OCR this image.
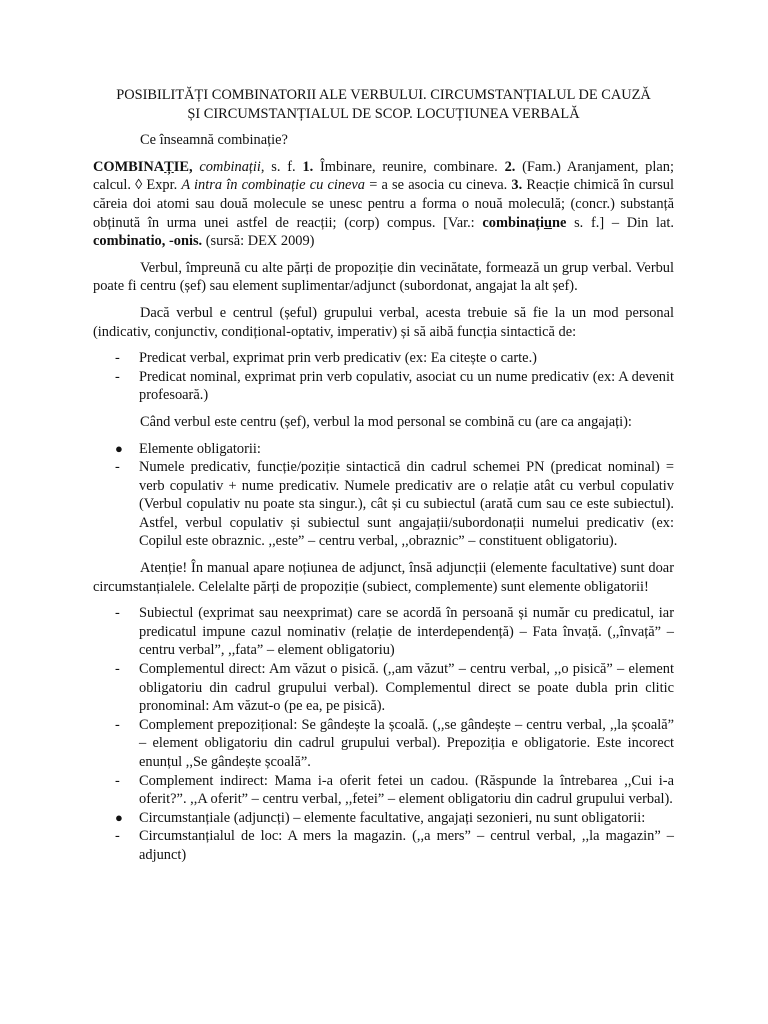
POSIBILITĂȚI COMBINATORII ALE VERBULUI. CIRCUMSTANȚIALUL DE CAUZĂ
ȘI CIRCUMSTANȚIALUL DE SCOP. LOCUȚIUNEA VERBALĂ

Ce înseamnă combinație?

COMBINAȚIE, combinații, s. f. 1. Îmbinare, reunire, combinare. 2. (Fam.) Aranjament, plan; calcul. ◊ Expr. A intra în combinație cu cineva = a se asocia cu cineva. 3. Reacție chimică în cursul căreia doi atomi sau două molecule se unesc pentru a forma o nouă moleculă; (concr.) substanță obținută în urma unei astfel de reacții; (corp) compus. [Var.: combinațiune s. f.] – Din lat. combinatio, -onis. (sursă: DEX 2009)

Verbul, împreună cu alte părți de propoziție din vecinătate, formează un grup verbal. Verbul poate fi centru (șef) sau element suplimentar/adjunct (subordonat, angajat la alt șef).

Dacă verbul e centrul (șeful) grupului verbal, acesta trebuie să fie la un mod personal (indicativ, conjunctiv, condițional-optativ, imperativ) și să aibă funcția sintactică de:

- Predicat verbal, exprimat prin verb predicativ (ex: Ea citește o carte.)
- Predicat nominal, exprimat prin verb copulativ, asociat cu un nume predicativ (ex: A devenit profesoară.)

Când verbul este centru (șef), verbul la mod personal se combină cu (are ca angajați):

● Elemente obligatorii:
- Numele predicativ, funcție/poziție sintactică din cadrul schemei PN (predicat nominal) = verb copulativ + nume predicativ. Numele predicativ are o relație atât cu verbul copulativ (Verbul copulativ nu poate sta singur.), cât și cu subiectul (arată cum sau ce este subiectul). Astfel, verbul copulativ și subiectul sunt angajații/subordonații numelui predicativ (ex: Copilul este obraznic. ,,este” – centru verbal, ,,obraznic” – constituent obligatoriu).

Atenție! În manual apare noțiunea de adjunct, însă adjuncții (elemente facultative) sunt doar circumstanțialele. Celelalte părți de propoziție (subiect, complemente) sunt elemente obligatorii!

- Subiectul (exprimat sau neexprimat) care se acordă în persoană și număr cu predicatul, iar predicatul impune cazul nominativ (relație de interdependență) – Fata învață. (,,învață” – centru verbal”, ,,fata” – element obligatoriu)
- Complementul direct: Am văzut o pisică. (,,am văzut” – centru verbal, ,,o pisică” – element obligatoriu din cadrul grupului verbal). Complementul direct se poate dubla prin clitic pronominal: Am văzut-o (pe ea, pe pisică).
- Complement prepozițional: Se gândește la școală. (,,se gândește – centru verbal, ,,la școală” – element obligatoriu din cadrul grupului verbal). Prepoziția e obligatorie. Este incorect enunțul ,,Se gândește școală”.
- Complement indirect: Mama i-a oferit fetei un cadou. (Răspunde la întrebarea ,,Cui i-a oferit?”. ,,A oferit” – centru verbal, ,,fetei” – element obligatoriu din cadrul grupului verbal).
● Circumstanțiale (adjuncți) – elemente facultative, angajați sezonieri, nu sunt obligatorii:
- Circumstanțialul de loc: A mers la magazin. (,,a mers” – centrul verbal, ,,la magazin” – adjunct)
